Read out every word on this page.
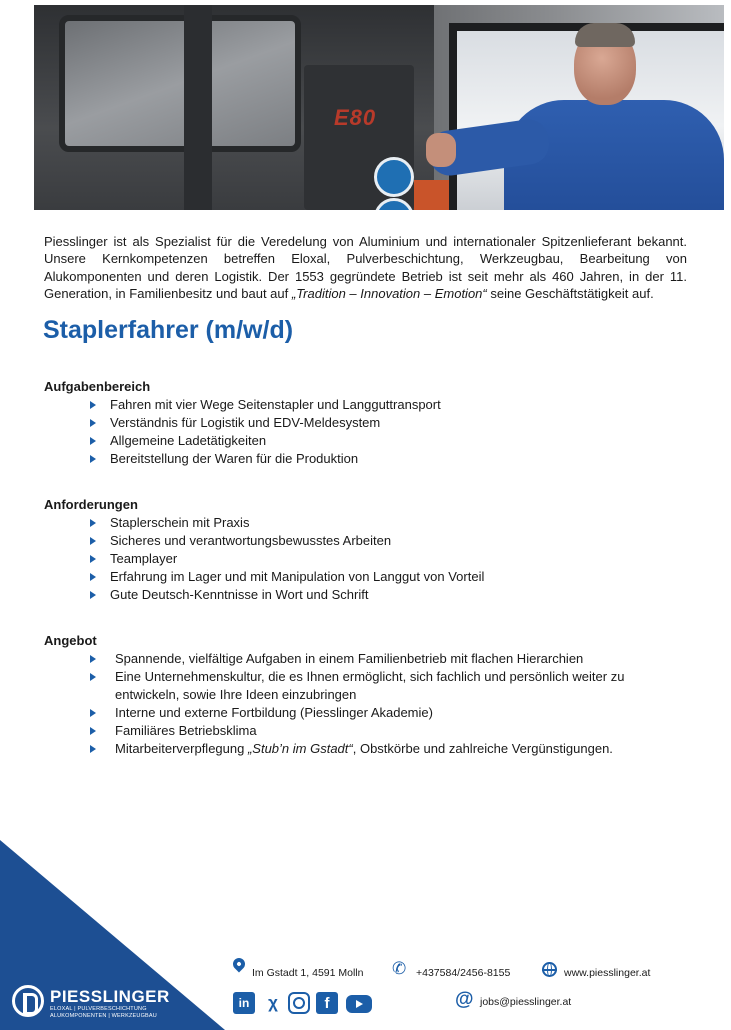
E80

Piesslinger ist als Spezialist für die Veredelung von Aluminium und internationaler Spitzenlieferant bekannt. Unsere Kernkompetenzen betreffen Eloxal, Pulverbeschichtung, Werkzeugbau, Bearbeitung von Alukomponenten und deren Logistik. Der 1553 gegründete Betrieb ist seit mehr als 460 Jahren, in der 11. Generation, in Familienbesitz und baut auf „Tradition – Innovation – Emotion“ seine Geschäftstätigkeit auf.

Staplerfahrer (m/w/d)
Aufgabenbereich
Fahren mit vier Wege Seitenstapler und Langguttransport
Verständnis für Logistik und EDV-Meldesystem
Allgemeine Ladetätigkeiten
Bereitstellung der Waren für die Produktion
Anforderungen
Staplerschein mit Praxis
Sicheres und verantwortungsbewusstes Arbeiten
Teamplayer
Erfahrung im Lager und mit Manipulation von Langgut von Vorteil
Gute Deutsch-Kenntnisse in Wort und Schrift
Angebot
Spannende, vielfältige Aufgaben in einem Familienbetrieb mit flachen Hierarchien
Eine Unternehmenskultur, die es Ihnen ermöglicht, sich fachlich und persönlich weiter zu entwickeln, sowie Ihre Ideen einzubringen
Interne und externe Fortbildung (Piesslinger Akademie)
Familiäres Betriebsklima
Mitarbeiterverpflegung „Stub’n im Gstadt“, Obstkörbe und zahlreiche Vergünstigungen.
PIESSLINGER
ELOXAL | PULVERBESCHICHTUNG
ALUKOMPONENTEN | WERKZEUGBAU
Im Gstadt 1, 4591 Molln ✆ +437584/2456-8155	www.piesslinger.at
in	χ	f	@ jobs@piesslinger.at
